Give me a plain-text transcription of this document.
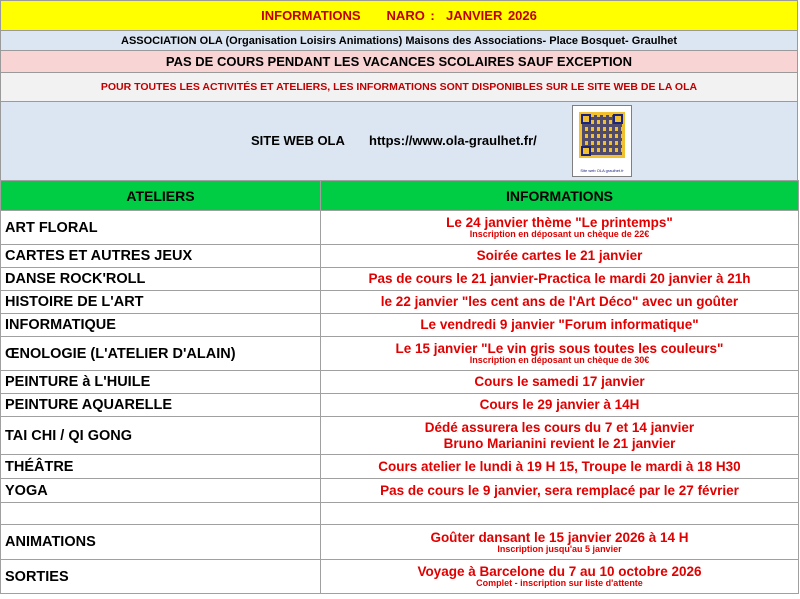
INFORMATIONS NARO :  JANVIER 2026
ASSOCIATION OLA (Organisation Loisirs Animations) Maisons des Associations- Place Bosquet- Graulhet
PAS DE COURS PENDANT LES VACANCES SCOLAIRES SAUF EXCEPTION
POUR TOUTES LES ACTIVITÉS ET ATELIERS, LES INFORMATIONS SONT DISPONIBLES SUR LE SITE WEB DE LA OLA
SITE WEB OLA https://www.ola-graulhet.fr/
Site web OLA graulhet.fr
ATELIERS	INFORMATIONS
ART FLORAL	Le 24 janvier thème "Le printemps"
Inscription en déposant un chèque de 22€

CARTES ET AUTRES JEUX	Soirée cartes le 21 janvier
DANSE ROCK'ROLL	Pas de cours le 21 janvier-Practica le mardi 20 janvier à 21h
HISTOIRE DE L'ART	le 22 janvier "les cent ans de l'Art Déco" avec un goûter
INFORMATIQUE	Le vendredi 9 janvier "Forum informatique"
ŒNOLOGIE (L'ATELIER D'ALAIN)	Le 15 janvier "Le vin gris sous toutes les couleurs"
Inscription en déposant un chèque de 30€

PEINTURE à L'HUILE	Cours le samedi 17 janvier
PEINTURE AQUARELLE	Cours le 29 janvier à 14H
TAI CHI / QI GONG	Dédé assurera les cours du 7 et 14 janvier
Bruno Marianini revient le 21 janvier

THÉÂTRE	Cours atelier le lundi à 19 H 15, Troupe le mardi à 18 H30
YOGA	Pas de cours le 9 janvier, sera remplacé par le 27 février

ANIMATIONS	Goûter dansant le 15 janvier 2026 à 14 H
Inscription jusqu'au 5 janvier

SORTIES	Voyage à Barcelone du 7 au 10 octobre 2026
Complet - inscription sur liste d'attente
